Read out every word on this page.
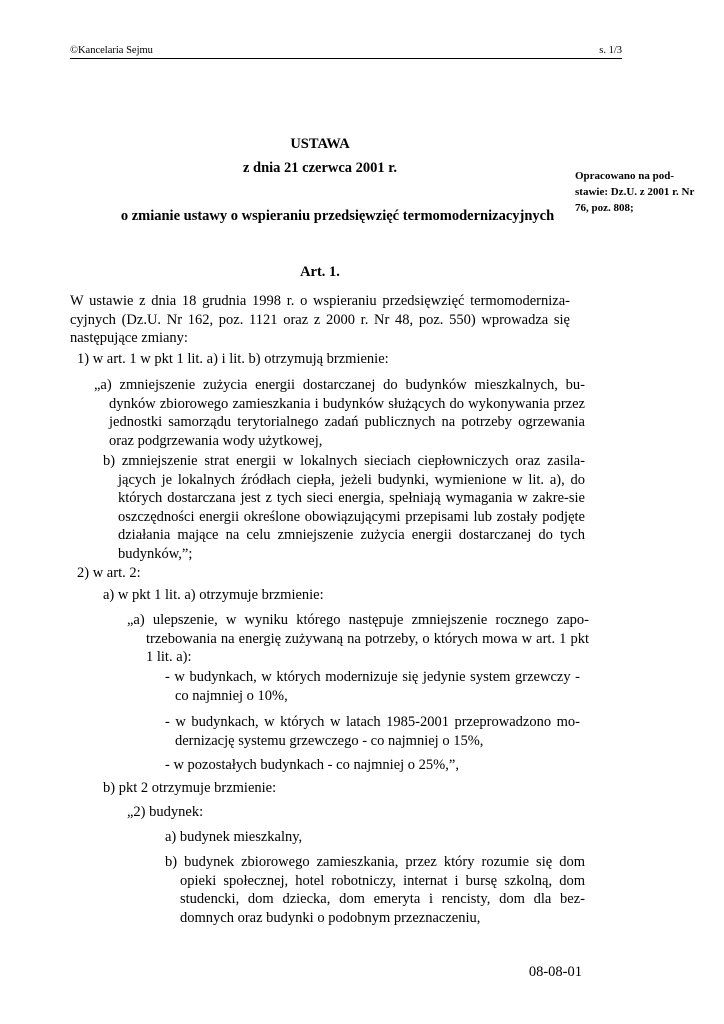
©Kancelaria Sejmu	s. 1/3
USTAWA
z dnia 21 czerwca 2001 r.
o zmianie ustawy o wspieraniu przedsięwzięć termomodernizacyjnych
Opracowano na pod-stawie: Dz.U. z 2001 r. Nr 76, poz. 808;
Art. 1.
W ustawie z dnia 18 grudnia 1998 r. o wspieraniu przedsięwzięć termomoderniza-cyjnych (Dz.U. Nr 162, poz. 1121 oraz z 2000 r. Nr 48, poz. 550) wprowadza się następujące zmiany:
1) w art. 1 w pkt 1 lit. a) i lit. b) otrzymują brzmienie:
„a) zmniejszenie zużycia energii dostarczanej do budynków mieszkalnych, bu-dynków zbiorowego zamieszkania i budynków służących do wykonywania przez jednostki samorządu terytorialnego zadań publicznych na potrzeby ogrzewania oraz podgrzewania wody użytkowej,
b) zmniejszenie strat energii w lokalnych sieciach ciepłowniczych oraz zasila-jących je lokalnych źródłach ciepła, jeżeli budynki, wymienione w lit. a), do których dostarczana jest z tych sieci energia, spełniają wymagania w zakre-sie oszczędności energii określone obowiązującymi przepisami lub zostały podjęte działania mające na celu zmniejszenie zużycia energii dostarczanej do tych budynków,”;
2) w art. 2:
a) w pkt 1 lit. a) otrzymuje brzmienie:
„a) ulepszenie, w wyniku którego następuje zmniejszenie rocznego zapo-trzebowania na energię zużywaną na potrzeby, o których mowa w art. 1 pkt 1 lit. a):
- w budynkach, w których modernizuje się jedynie system grzewczy - co najmniej o 10%,
- w budynkach, w których w latach 1985-2001 przeprowadzono mo-dernizację systemu grzewczego - co najmniej o 15%,
- w pozostałych budynkach - co najmniej o 25%,”,
b) pkt 2 otrzymuje brzmienie:
„2) budynek:
a) budynek mieszkalny,
b) budynek zbiorowego zamieszkania, przez który rozumie się dom opieki społecznej, hotel robotniczy, internat i bursę szkolną, dom studencki, dom dziecka, dom emeryta i rencisty, dom dla bez-domnych oraz budynki o podobnym przeznaczeniu,
08-08-01
